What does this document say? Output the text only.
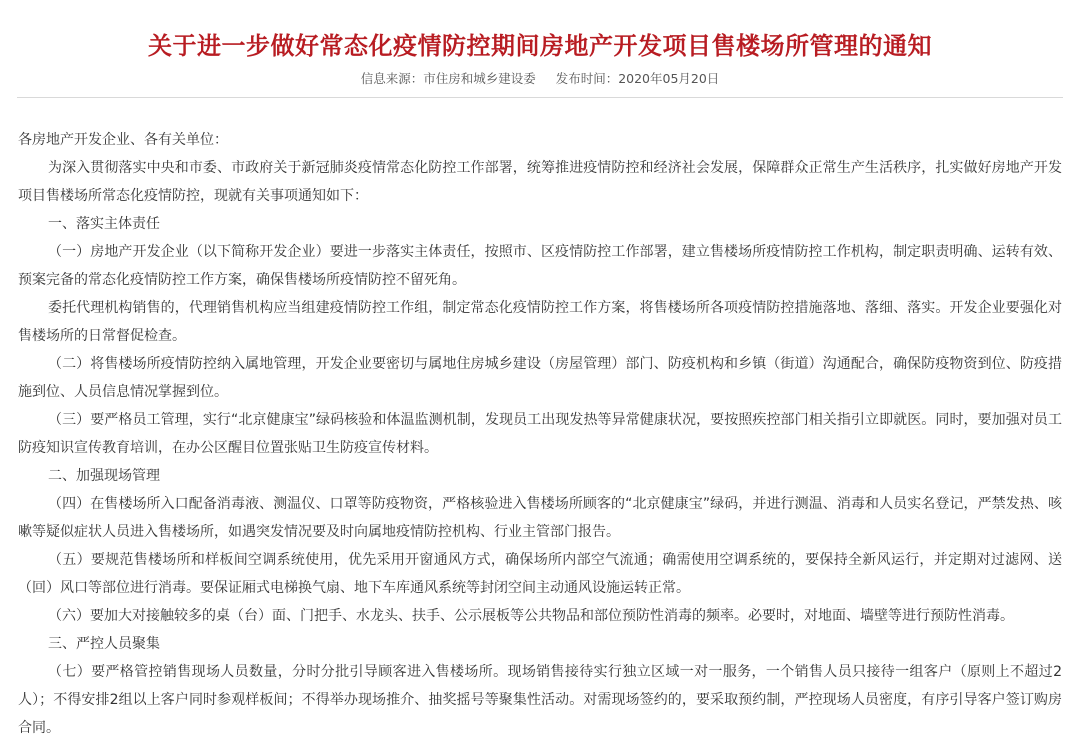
关于进一步做好常态化疫情防控期间房地产开发项目售楼场所管理的通知
信息来源：市住房和城乡建设委 发布时间：2020年05月20日

各房地产开发企业、各有关单位：

为深入贯彻落实中央和市委、市政府关于新冠肺炎疫情常态化防控工作部署，统筹推进疫情防控和经济社会发展，保障群众正常生产生活秩序，扎实做好房地产开发项目售楼场所常态化疫情防控，现就有关事项通知如下：

一、落实主体责任

（一）房地产开发企业（以下简称开发企业）要进一步落实主体责任，按照市、区疫情防控工作部署，建立售楼场所疫情防控工作机构，制定职责明确、运转有效、预案完备的常态化疫情防控工作方案，确保售楼场所疫情防控不留死角。

委托代理机构销售的，代理销售机构应当组建疫情防控工作组，制定常态化疫情防控工作方案，将售楼场所各项疫情防控措施落地、落细、落实。开发企业要强化对售楼场所的日常督促检查。

（二）将售楼场所疫情防控纳入属地管理，开发企业要密切与属地住房城乡建设（房屋管理）部门、防疫机构和乡镇（街道）沟通配合，确保防疫物资到位、防疫措施到位、人员信息情况掌握到位。

（三）要严格员工管理，实行“北京健康宝”绿码核验和体温监测机制，发现员工出现发热等异常健康状况，要按照疾控部门相关指引立即就医。同时，要加强对员工防疫知识宣传教育培训，在办公区醒目位置张贴卫生防疫宣传材料。

二、加强现场管理

（四）在售楼场所入口配备消毒液、测温仪、口罩等防疫物资，严格核验进入售楼场所顾客的“北京健康宝”绿码，并进行测温、消毒和人员实名登记，严禁发热、咳嗽等疑似症状人员进入售楼场所，如遇突发情况要及时向属地疫情防控机构、行业主管部门报告。

（五）要规范售楼场所和样板间空调系统使用，优先采用开窗通风方式，确保场所内部空气流通；确需使用空调系统的，要保持全新风运行，并定期对过滤网、送（回）风口等部位进行消毒。要保证厢式电梯换气扇、地下车库通风系统等封闭空间主动通风设施运转正常。

（六）要加大对接触较多的桌（台）面、门把手、水龙头、扶手、公示展板等公共物品和部位预防性消毒的频率。必要时，对地面、墙壁等进行预防性消毒。

三、严控人员聚集

（七）要严格管控销售现场人员数量，分时分批引导顾客进入售楼场所。现场销售接待实行独立区域一对一服务，一个销售人员只接待一组客户（原则上不超过2人）；不得安排2组以上客户同时参观样板间；不得举办现场推介、抽奖摇号等聚集性活动。对需现场签约的，要采取预约制，严控现场人员密度，有序引导客户签订购房合同。
